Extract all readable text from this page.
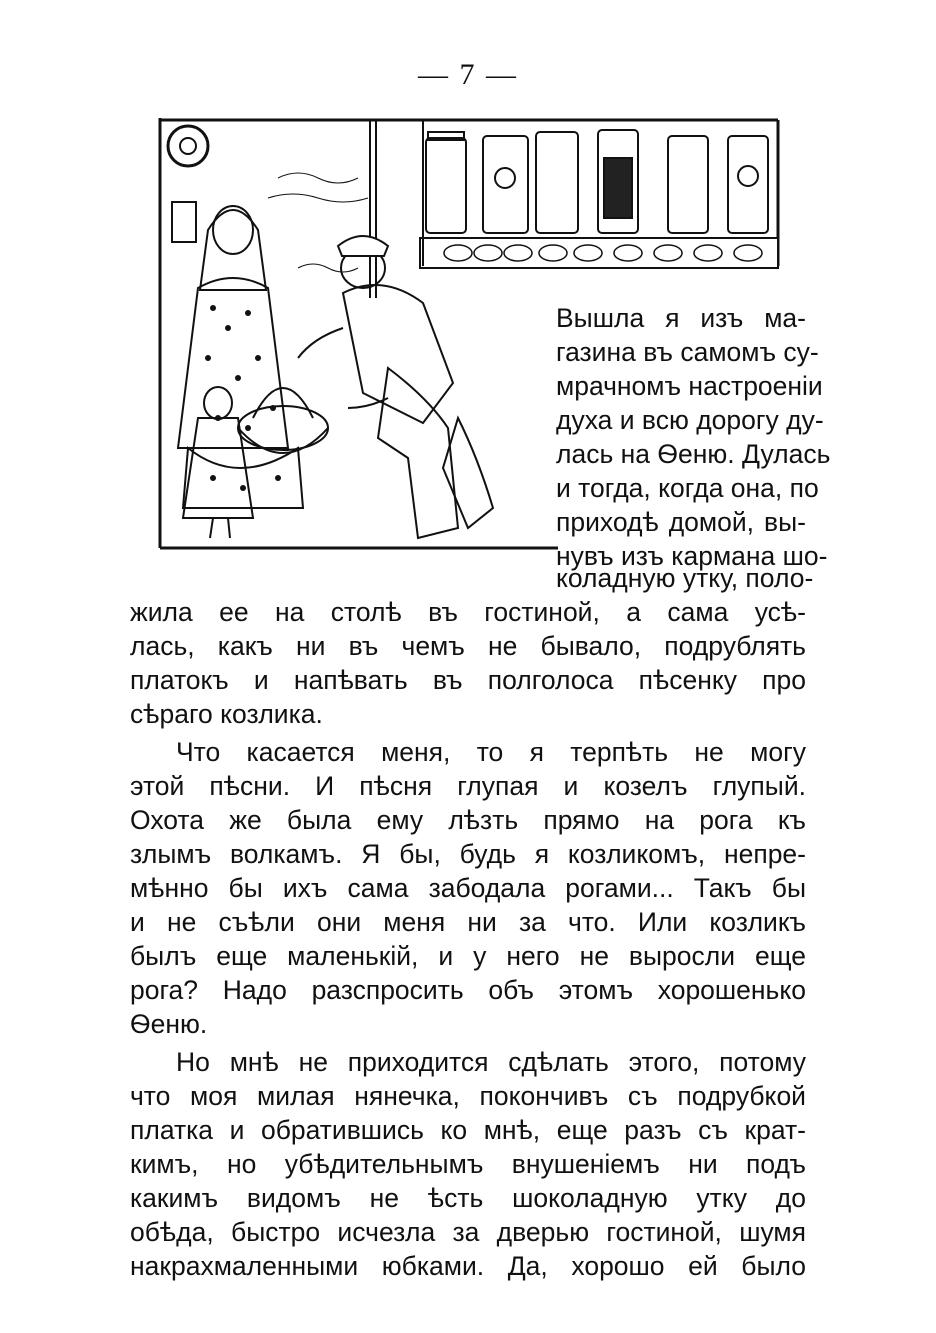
— 7 —
Вышла я изъ ма-
газина въ самомъ су-
мрачномъ настроеніи
духа и всю дорогу ду-
лась на Ѳеню. Дулась
и тогда, когда она, по
приходѣ домой, вы-
нувъ изъ кармана шо-
коладную утку, поло-
жила ее на столѣ въ гостиной, а сама усѣ-
лась, какъ ни въ чемъ не бывало, подрублять
платокъ и напѣвать въ полголоса пѣсенку про
сѣраго козлика.
Что касается меня, то я терпѣть не могу
этой пѣсни. И пѣсня глупая и козелъ глупый.
Охота же была ему лѣзть прямо на рога къ
злымъ волкамъ. Я бы, будь я козликомъ, непре-
мѣнно бы ихъ сама забодала рогами... Такъ бы
и не съѣли они меня ни за что. Или козликъ
былъ еще маленькій, и у него не выросли еще
рога? Надо разспросить объ этомъ хорошенько
Ѳеню.
Но мнѣ не приходится сдѣлать этого, потому
что моя милая нянечка, покончивъ съ подрубкой
платка и обратившись ко мнѣ, еще разъ съ крат-
кимъ, но убѣдительнымъ внушеніемъ ни подъ
какимъ видомъ не ѣсть шоколадную утку до
обѣда, быстро исчезла за дверью гостиной, шумя
накрахмаленными юбками. Да, хорошо ей было
